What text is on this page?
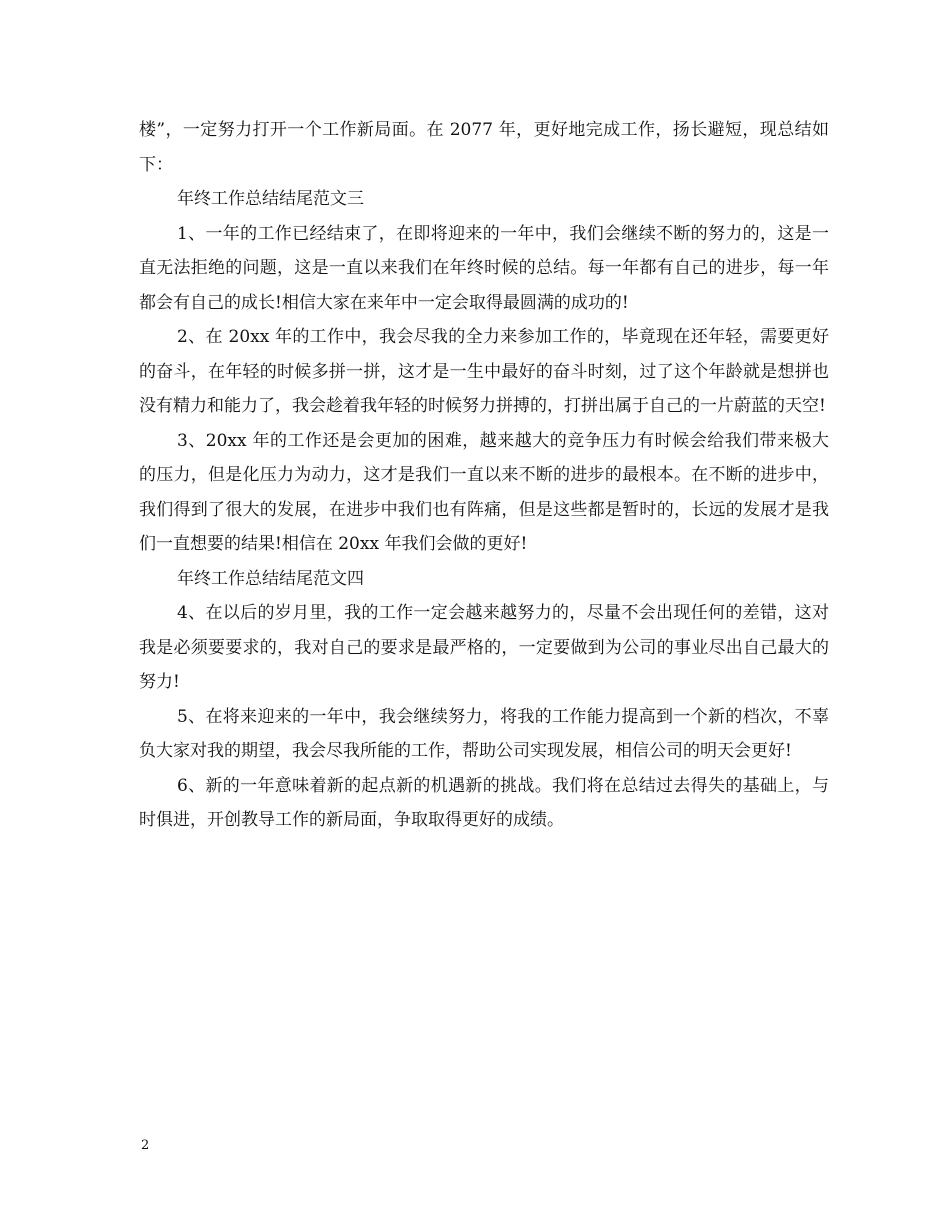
楼”，一定努力打开一个工作新局面。在 2077 年，更好地完成工作，扬长避短，现总结如下：

年终工作总结结尾范文三

1、一年的工作已经结束了，在即将迎来的一年中，我们会继续不断的努力的，这是一直无法拒绝的问题，这是一直以来我们在年终时候的总结。每一年都有自己的进步，每一年都会有自己的成长!相信大家在来年中一定会取得最圆满的成功的!

2、在 20xx 年的工作中，我会尽我的全力来参加工作的，毕竟现在还年轻，需要更好的奋斗，在年轻的时候多拼一拼，这才是一生中最好的奋斗时刻，过了这个年龄就是想拼也没有精力和能力了，我会趁着我年轻的时候努力拼搏的，打拼出属于自己的一片蔚蓝的天空!

3、20xx 年的工作还是会更加的困难，越来越大的竞争压力有时候会给我们带来极大的压力，但是化压力为动力，这才是我们一直以来不断的进步的最根本。在不断的进步中，我们得到了很大的发展，在进步中我们也有阵痛，但是这些都是暂时的，长远的发展才是我们一直想要的结果!相信在 20xx 年我们会做的更好!

年终工作总结结尾范文四

4、在以后的岁月里，我的工作一定会越来越努力的，尽量不会出现任何的差错，这对我是必须要要求的，我对自己的要求是最严格的，一定要做到为公司的事业尽出自己最大的努力!

5、在将来迎来的一年中，我会继续努力，将我的工作能力提高到一个新的档次，不辜负大家对我的期望，我会尽我所能的工作，帮助公司实现发展，相信公司的明天会更好!

6、新的一年意味着新的起点新的机遇新的挑战。我们将在总结过去得失的基础上，与时俱进，开创教导工作的新局面，争取取得更好的成绩。

2
